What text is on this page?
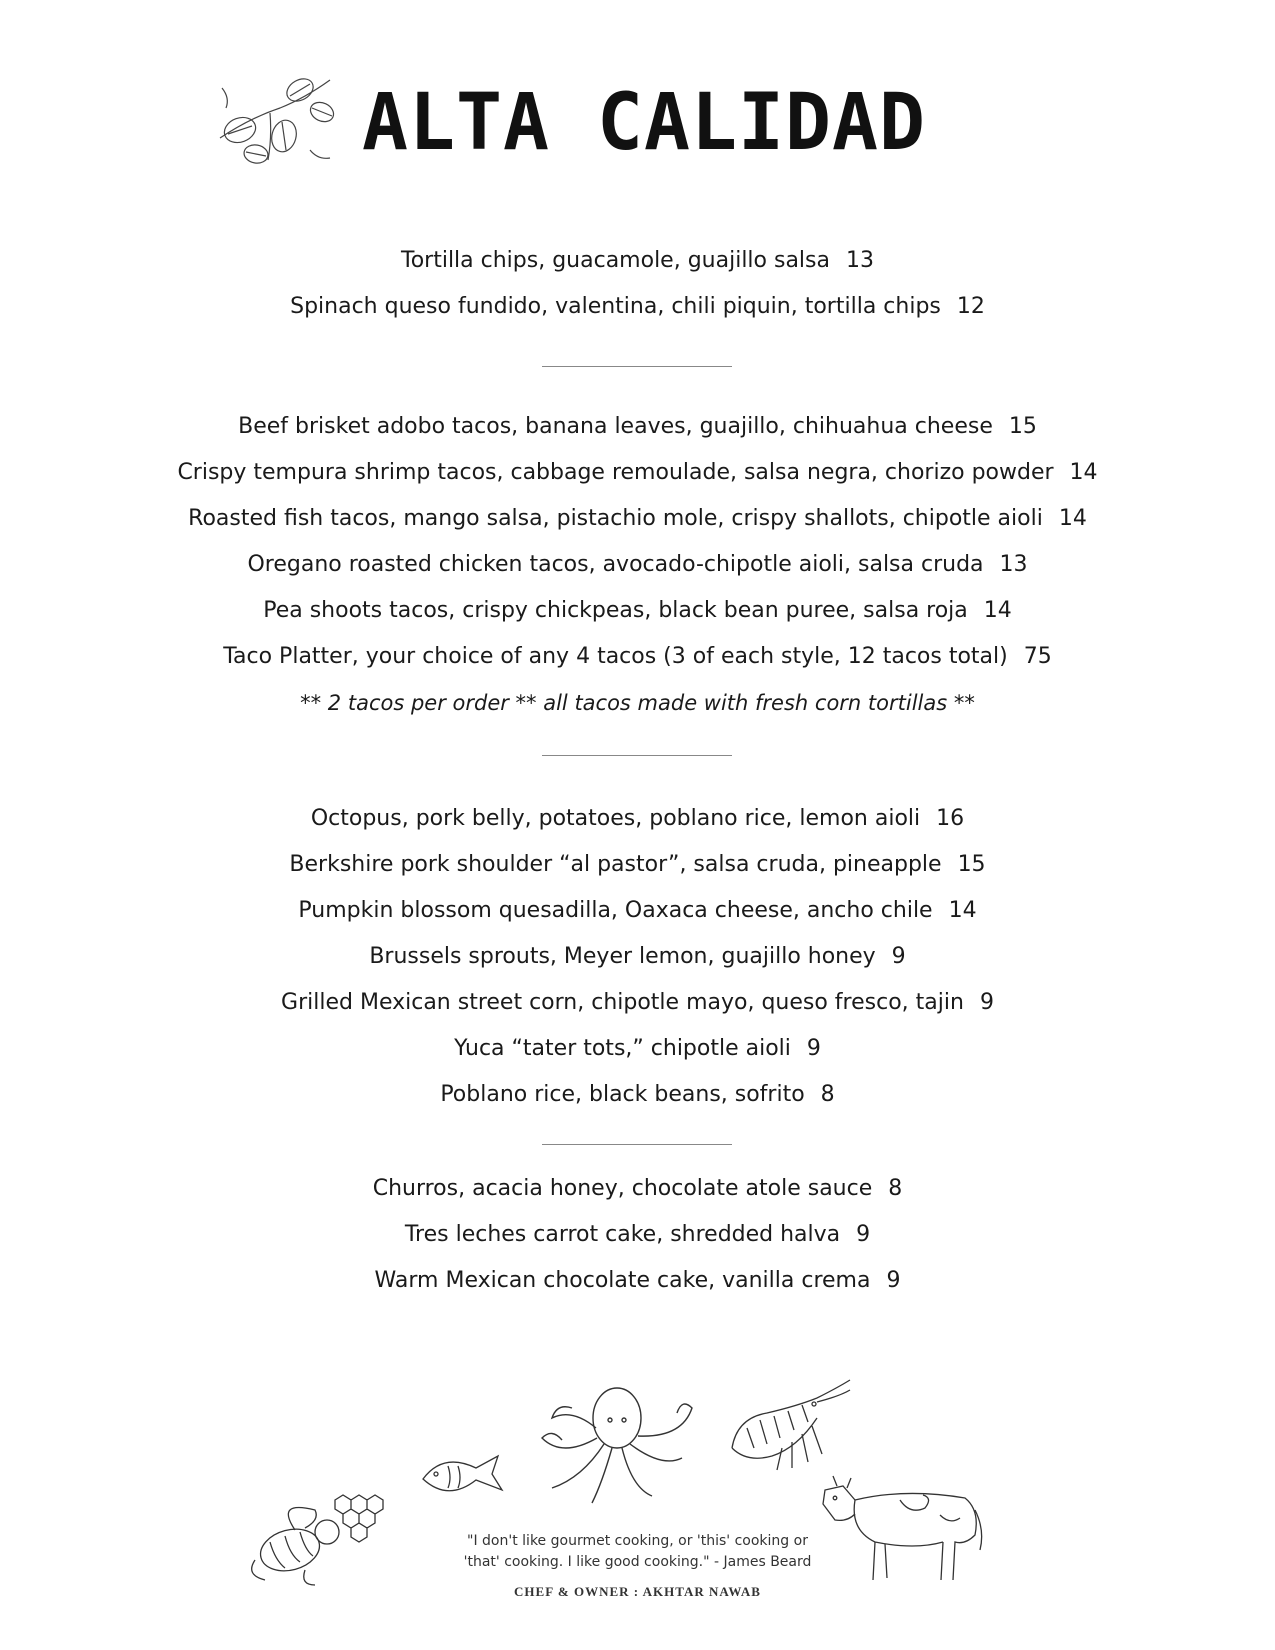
ALTA CALIDAD
Tortilla chips, guacamole, guajillo salsa 13
Spinach queso fundido, valentina, chili piquin, tortilla chips 12
Beef brisket adobo tacos, banana leaves, guajillo, chihuahua cheese 15
Crispy tempura shrimp tacos, cabbage remoulade, salsa negra, chorizo powder 14
Roasted fish tacos, mango salsa, pistachio mole, crispy shallots, chipotle aioli 14
Oregano roasted chicken tacos, avocado-chipotle aioli, salsa cruda 13
Pea shoots tacos, crispy chickpeas, black bean puree, salsa roja 14
Taco Platter, your choice of any 4 tacos (3 of each style, 12 tacos total) 75
** 2 tacos per order ** all tacos made with fresh corn tortillas **
Octopus, pork belly, potatoes, poblano rice, lemon aioli 16
Berkshire pork shoulder “al pastor”, salsa cruda, pineapple 15
Pumpkin blossom quesadilla, Oaxaca cheese, ancho chile 14
Brussels sprouts, Meyer lemon, guajillo honey 9
Grilled Mexican street corn, chipotle mayo, queso fresco, tajin 9
Yuca “tater tots,” chipotle aioli 9
Poblano rice, black beans, sofrito 8
Churros, acacia honey, chocolate atole sauce 8
Tres leches carrot cake, shredded halva 9
Warm Mexican chocolate cake, vanilla crema 9
"I don't like gourmet cooking, or 'this' cooking or
'that' cooking. I like good cooking." - James Beard
CHEF & OWNER : AKHTAR NAWAB
